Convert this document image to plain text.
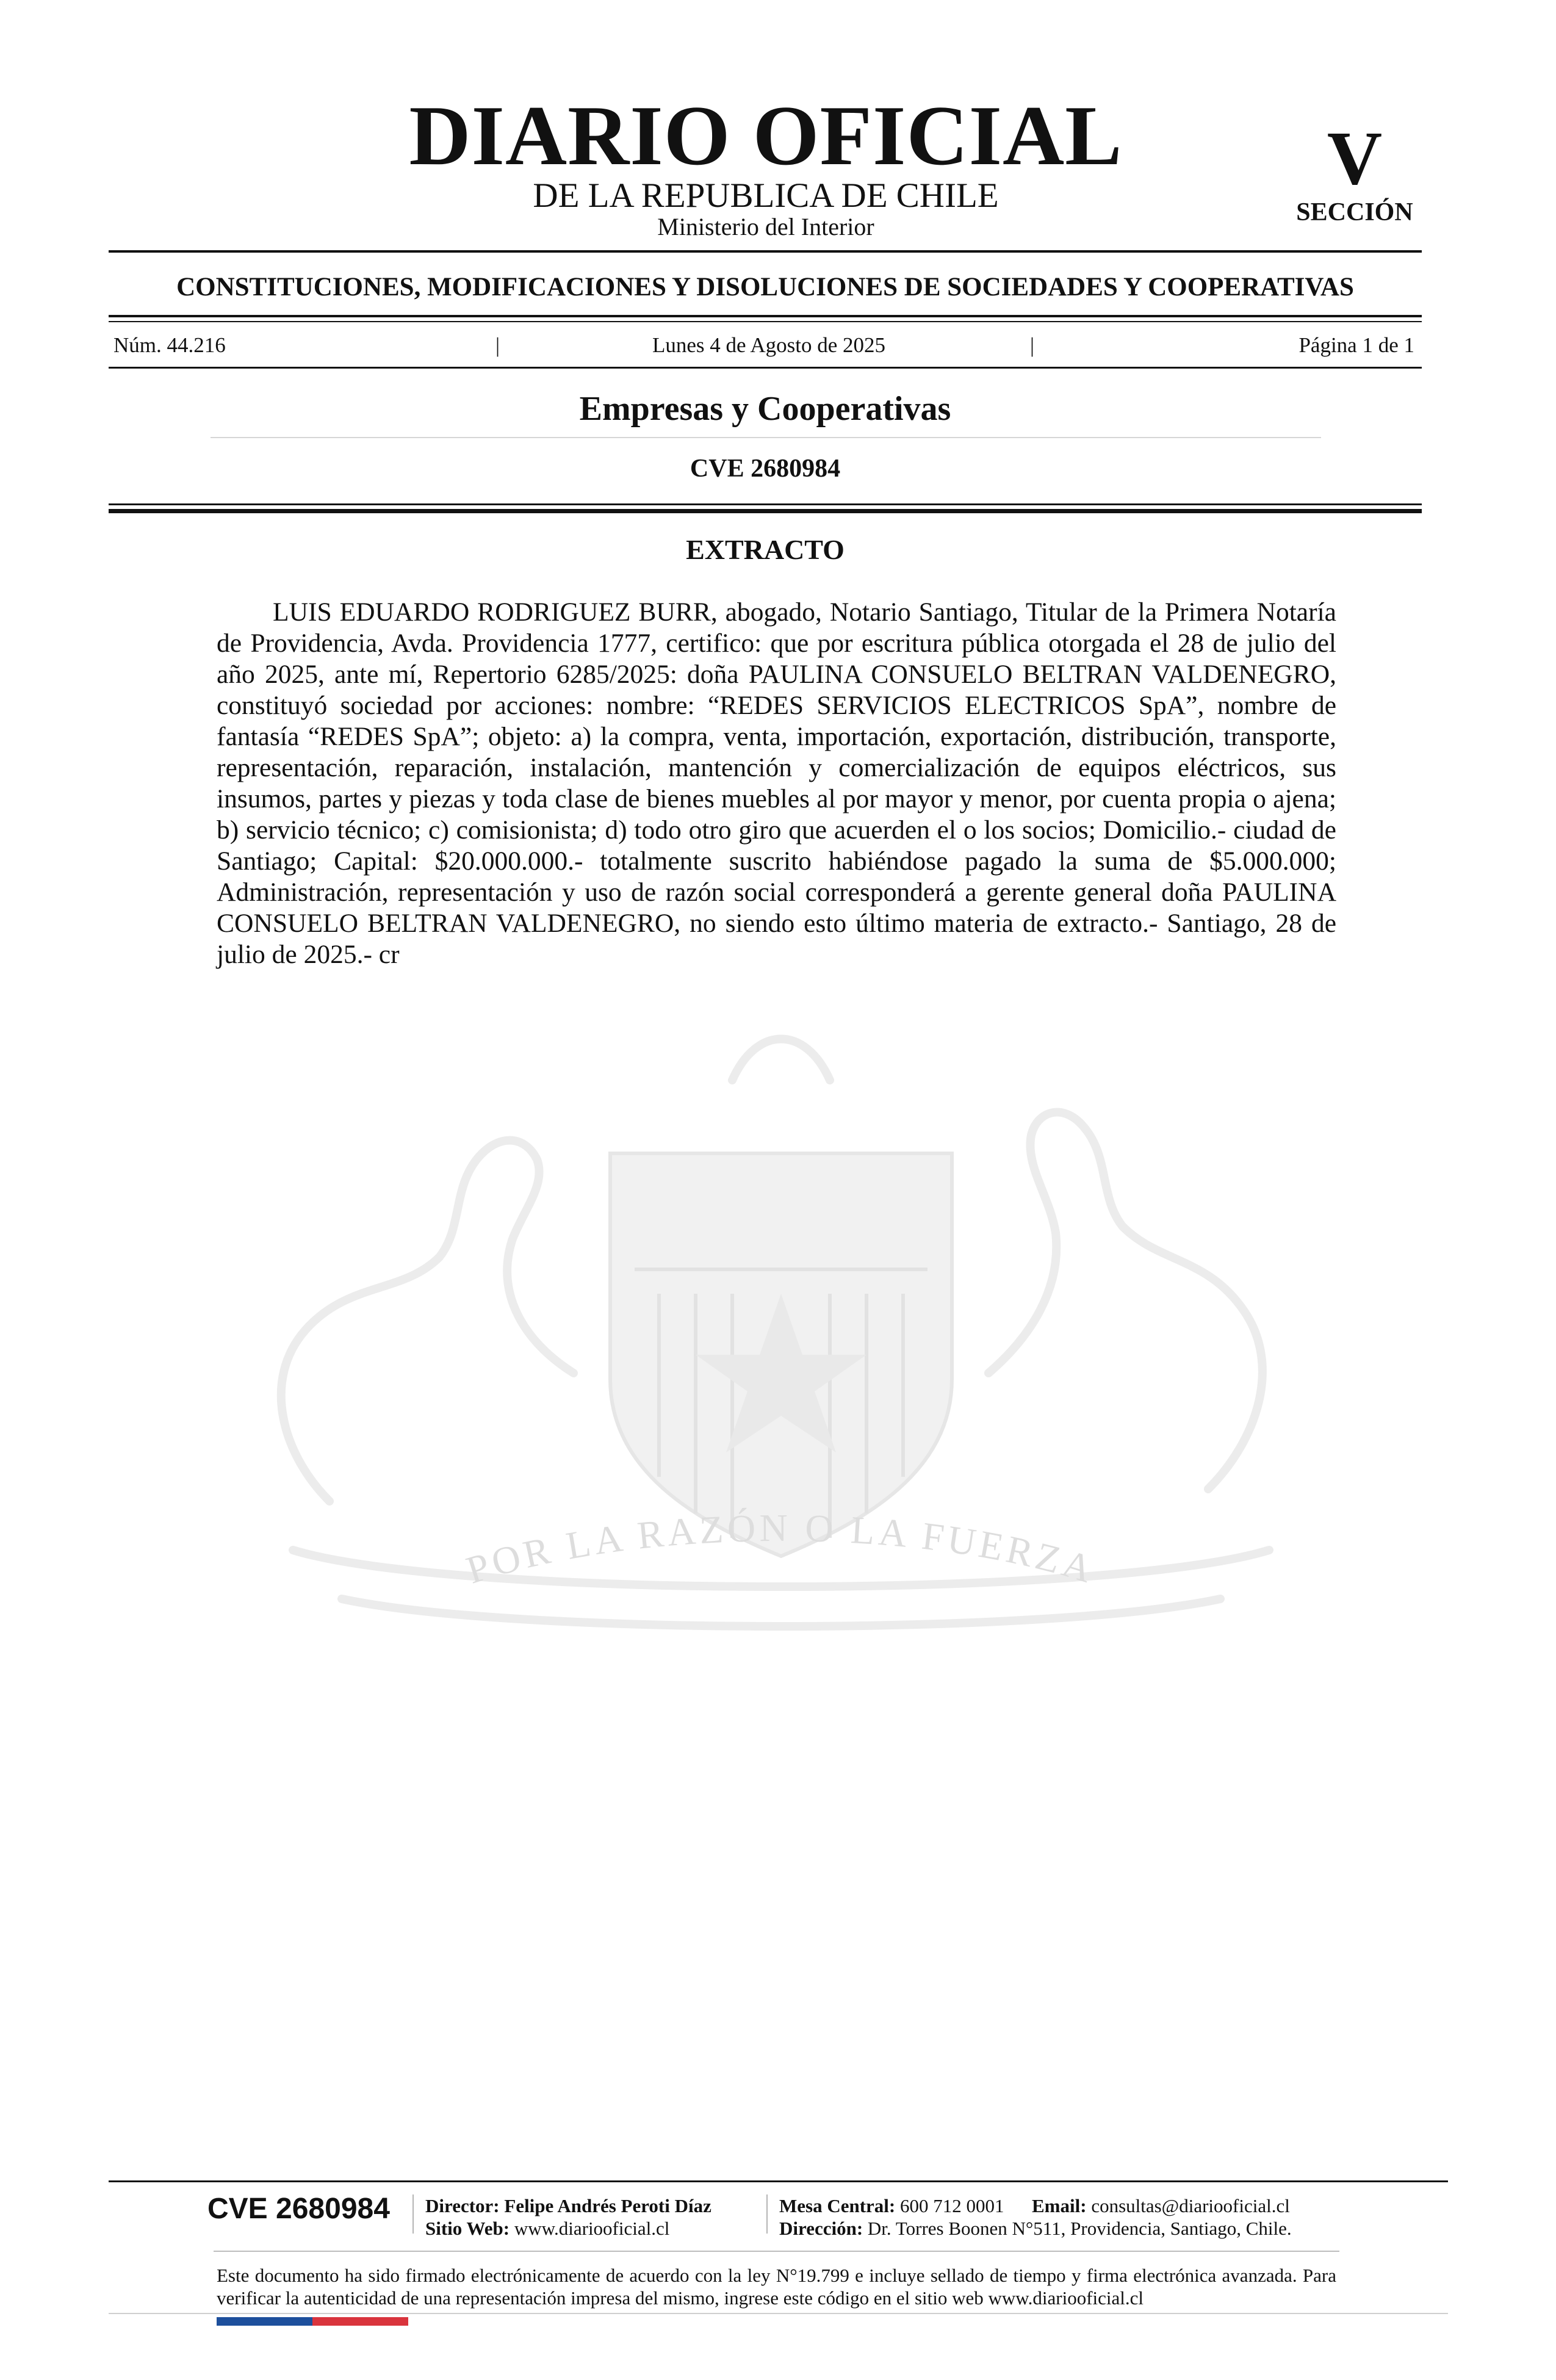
DIARIO OFICIAL
DE LA REPUBLICA DE CHILE
Ministerio del Interior
V
SECCIÓN
CONSTITUCIONES, MODIFICACIONES Y DISOLUCIONES DE SOCIEDADES Y COOPERATIVAS
Núm. 44.216	|	Lunes 4 de Agosto de 2025	|	Página 1 de 1
Empresas y Cooperativas
CVE 2680984
POR LA RAZÓN O LA FUERZA
EXTRACTO
LUIS EDUARDO RODRIGUEZ BURR, abogado, Notario Santiago, Titular de la Primera Notaría de Providencia, Avda. Providencia 1777, certifico: que por escritura pública otorgada el 28 de julio del año 2025, ante mí, Repertorio 6285/2025: doña PAULINA CONSUELO BELTRAN VALDENEGRO, constituyó sociedad por acciones: nombre: “REDES SERVICIOS ELECTRICOS SpA”, nombre de fantasía “REDES SpA”; objeto: a) la compra, venta, importación, exportación, distribución, transporte, representación, reparación, instalación, mantención y comercialización de equipos eléctricos, sus insumos, partes y piezas y toda clase de bienes muebles al por mayor y menor, por cuenta propia o ajena; b) servicio técnico; c) comisionista; d) todo otro giro que acuerden el o los socios; Domicilio.- ciudad de Santiago; Capital: $20.000.000.- totalmente suscrito habiéndose pagado la suma de $5.000.000; Administración, representación y uso de razón social corresponderá a gerente general doña PAULINA CONSUELO BELTRAN VALDENEGRO, no siendo esto último materia de extracto.- Santiago, 28 de julio de 2025.- cr
CVE 2680984	Director: Felipe Andrés Peroti Díaz
Sitio Web: www.diariooficial.cl
Mesa Central: 600 712 0001 Email: consultas@diariooficial.cl
Dirección: Dr. Torres Boonen N°511, Providencia, Santiago, Chile.
Este documento ha sido firmado electrónicamente de acuerdo con la ley N°19.799 e incluye sellado de tiempo y firma electrónica avanzada. Para verificar la autenticidad de una representación impresa del mismo, ingrese este código en el sitio web www.diariooficial.cl
